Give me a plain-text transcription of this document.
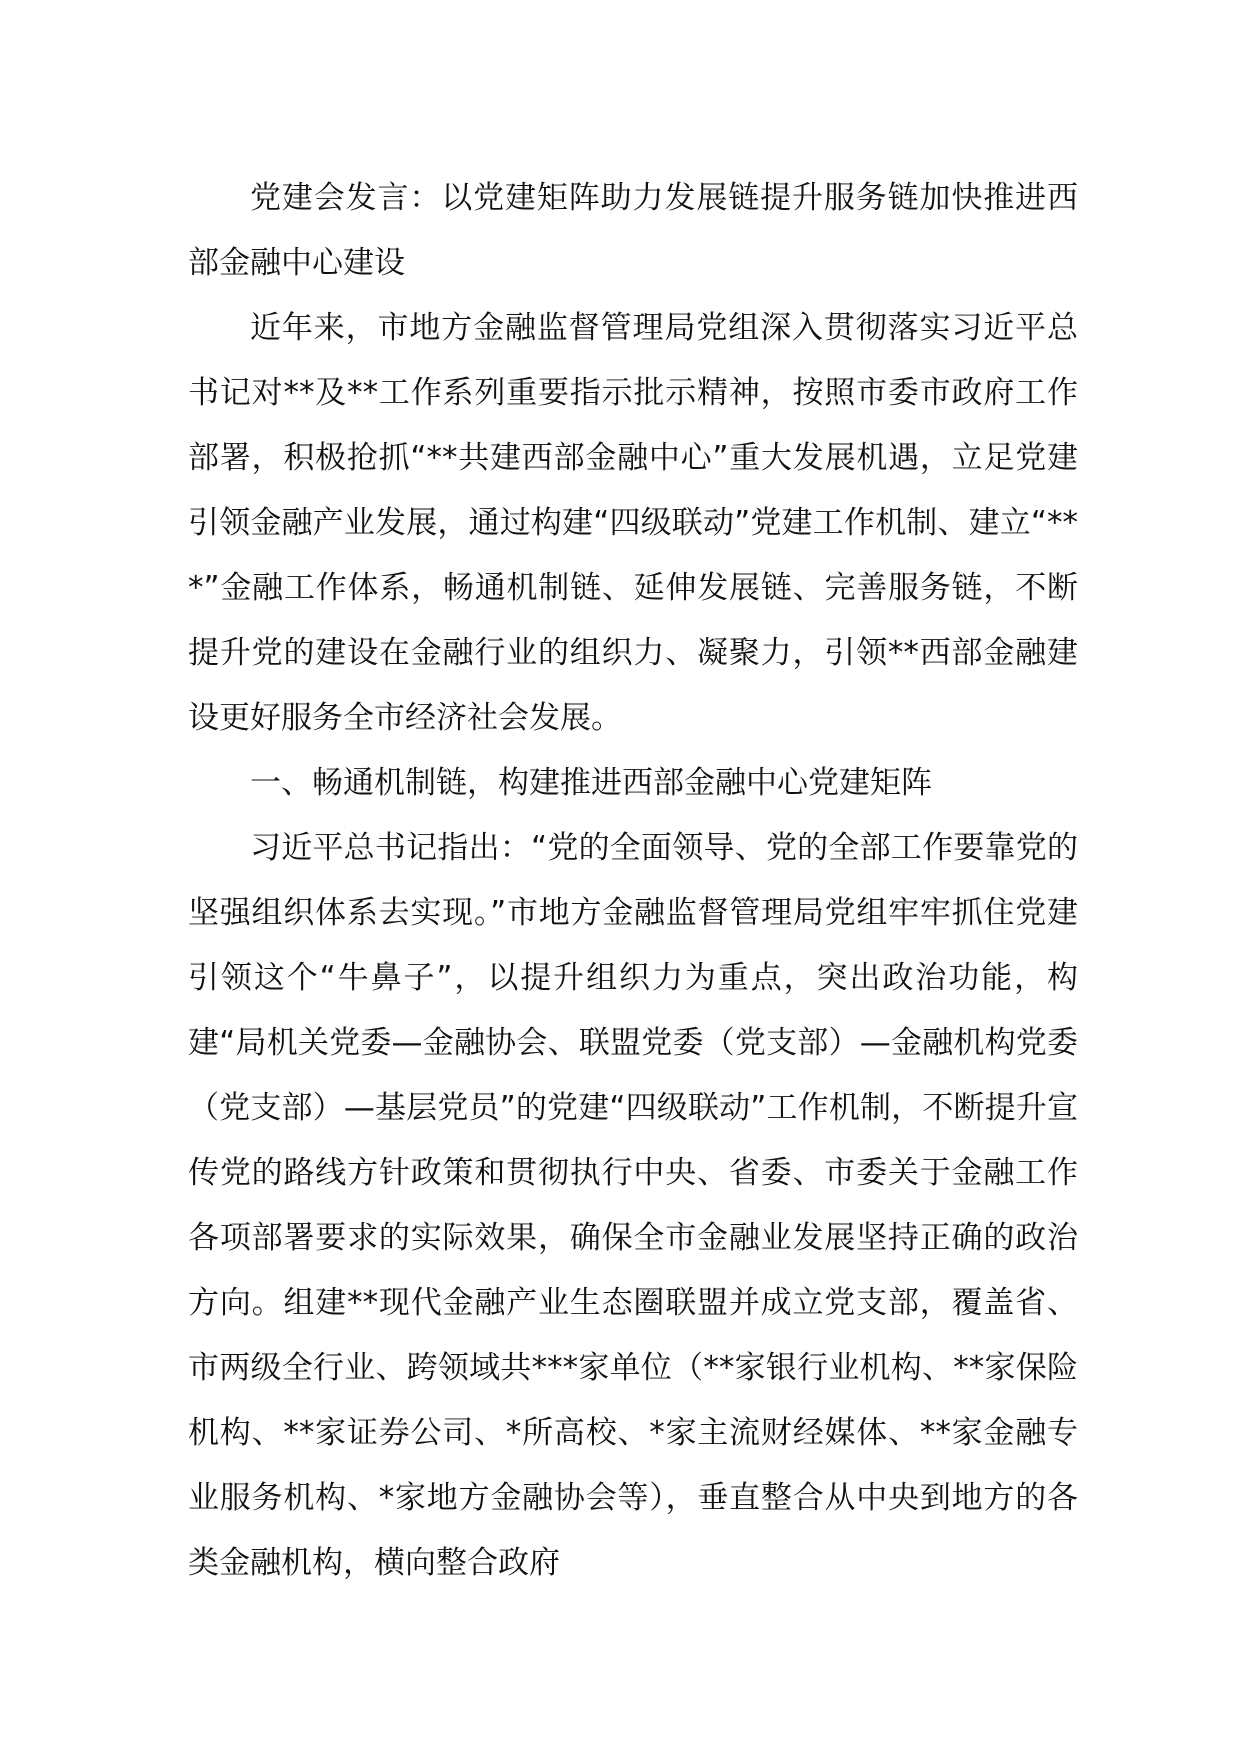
党建会发言：以党建矩阵助力发展链提升服务链加快推进西部金融中心建设

近年来，市地方金融监督管理局党组深入贯彻落实习近平总书记对**及**工作系列重要指示批示精神，按照市委市政府工作部署，积极抢抓“**共建西部金融中心”重大发展机遇，立足党建引领金融产业发展，通过构建“四级联动”党建工作机制、建立“***”金融工作体系，畅通机制链、延伸发展链、完善服务链，不断提升党的建设在金融行业的组织力、凝聚力，引领**西部金融建设更好服务全市经济社会发展。

一、畅通机制链，构建推进西部金融中心党建矩阵

习近平总书记指出：“党的全面领导、党的全部工作要靠党的坚强组织体系去实现。”市地方金融监督管理局党组牢牢抓住党建引领这个“牛鼻子”，以提升组织力为重点，突出政治功能，构建“局机关党委—金融协会、联盟党委（党支部）—金融机构党委（党支部）—基层党员”的党建“四级联动”工作机制，不断提升宣传党的路线方针政策和贯彻执行中央、省委、市委关于金融工作各项部署要求的实际效果，确保全市金融业发展坚持正确的政治方向。组建**现代金融产业生态圈联盟并成立党支部，覆盖省、市两级全行业、跨领域共***家单位（**家银行业机构、**家保险机构、**家证券公司、*所高校、*家主流财经媒体、**家金融专业服务机构、*家地方金融协会等），垂直整合从中央到地方的各类金融机构，横向整合政府
